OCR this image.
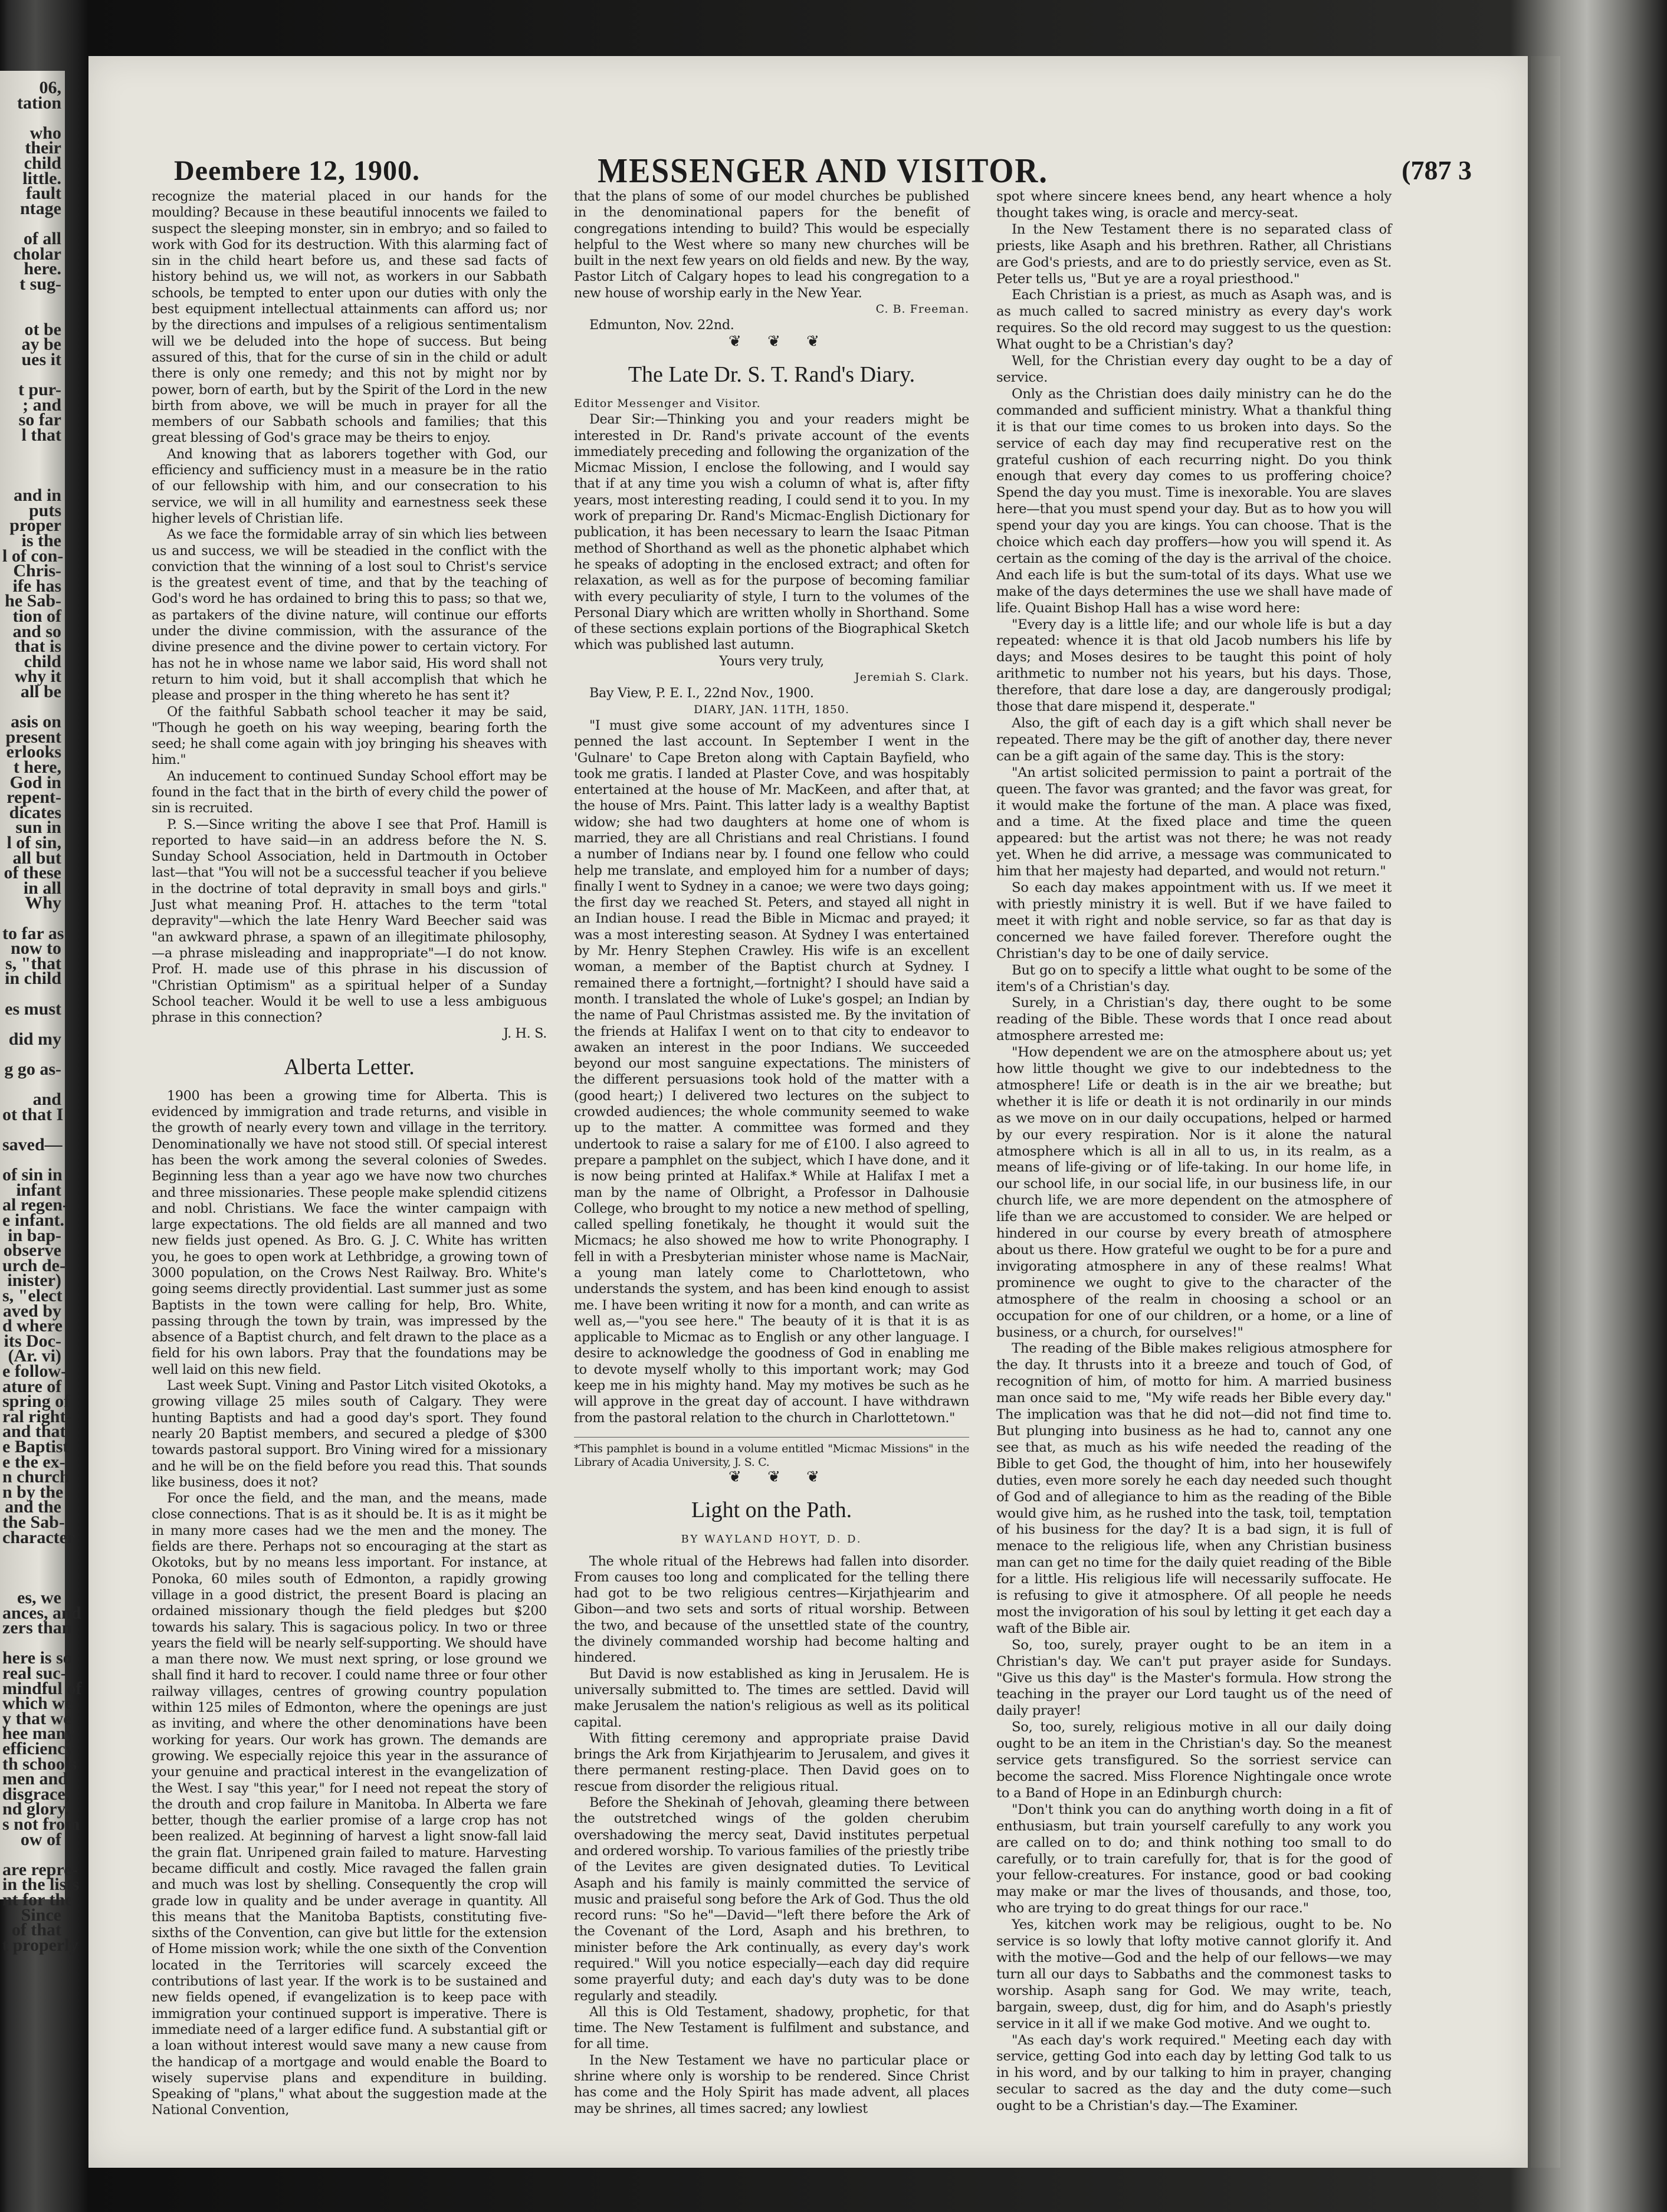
06,
tation
who
their
child
little.
fault
ntage
of all
cholar
here.
t sug-
ot be
ay be
ues it
t pur-
; and
so far
l that
and in
puts
proper
is the
l of con-
Chris-
ife has
he Sab-
tion of
and so
that is
child
why it
all be
asis on
present
erlooks
t here,
God in
repent-
dicates
sun in
l of sin,
all but
of these
in all
Why
to far as
now to
s, "that
in child
es must
did my
g go as-
and
ot that I
saved—
of sin in
infant
al regen-
e infant.
in bap-
observe
urch de-
inister)
s, "elect
aved by
d where
its Doc-
(Ar. vi)
e follow-
ature of
spring of
ral right-
and that
e Baptist
e the ex-
n church
n by the
and the
the Sab-
character
es, we
ances, and
zers than
here is so
real suc-
mindful of
which we
y that we
hee many
efficiency
th schools
men and
disgrace,
nd glory.
s not from
ow of
are repre-
in the lists
nt for the
Since
of that
t properly
Deembere 12, 1900.	MESSENGER AND VISITOR.	(787 3

recognize the material placed in our hands for the moulding? Because in these beautiful innocents we failed to suspect the sleeping monster, sin in embryo; and so failed to work with God for its destruction. With this alarming fact of sin in the child heart before us, and these sad facts of history behind us, we will not, as workers in our Sabbath schools, be tempted to enter upon our duties with only the best equipment intellectual attainments can afford us; nor by the directions and impulses of a religious sentimentalism will we be deluded into the hope of success. But being assured of this, that for the curse of sin in the child or adult there is only one remedy; and this not by might nor by power, born of earth, but by the Spirit of the Lord in the new birth from above, we will be much in prayer for all the members of our Sabbath schools and families; that this great blessing of God's grace may be theirs to enjoy.

And knowing that as laborers together with God, our efficiency and sufficiency must in a measure be in the ratio of our fellowship with him, and our consecration to his service, we will in all humility and earnestness seek these higher levels of Christian life.

As we face the formidable array of sin which lies between us and success, we will be steadied in the conflict with the conviction that the winning of a lost soul to Christ's service is the greatest event of time, and that by the teaching of God's word he has ordained to bring this to pass; so that we, as partakers of the divine nature, will continue our efforts under the divine commission, with the assurance of the divine presence and the divine power to certain victory. For has not he in whose name we labor said, His word shall not return to him void, but it shall accomplish that which he please and prosper in the thing whereto he has sent it?

Of the faithful Sabbath school teacher it may be said, "Though he goeth on his way weeping, bearing forth the seed; he shall come again with joy bringing his sheaves with him."

An inducement to continued Sunday School effort may be found in the fact that in the birth of every child the power of sin is recruited.

P. S.—Since writing the above I see that Prof. Hamill is reported to have said—in an address before the N. S. Sunday School Association, held in Dartmouth in October last—that "You will not be a successful teacher if you believe in the doctrine of total depravity in small boys and girls." Just what meaning Prof. H. attaches to the term "total depravity"—which the late Henry Ward Beecher said was "an awkward phrase, a spawn of an illegitimate philosophy,—a phrase misleading and inappropriate"—I do not know. Prof. H. made use of this phrase in his discussion of "Christian Optimism" as a spiritual helper of a Sunday School teacher. Would it be well to use a less ambiguous phrase in this connection?

J. H. S.

Alberta Letter.

1900 has been a growing time for Alberta. This is evidenced by immigration and trade returns, and visible in the growth of nearly every town and village in the territory. Denominationally we have not stood still. Of special interest has been the work among the several colonies of Swedes. Beginning less than a year ago we have now two churches and three missionaries. These people make splendid citizens and nobl. Christians. We face the winter campaign with large expectations. The old fields are all manned and two new fields just opened. As Bro. G. J. C. White has written you, he goes to open work at Lethbridge, a growing town of 3000 population, on the Crows Nest Railway. Bro. White's going seems directly providential. Last summer just as some Baptists in the town were calling for help, Bro. White, passing through the town by train, was impressed by the absence of a Baptist church, and felt drawn to the place as a field for his own labors. Pray that the foundations may be well laid on this new field.

Last week Supt. Vining and Pastor Litch visited Okotoks, a growing village 25 miles south of Calgary. They were hunting Baptists and had a good day's sport. They found nearly 20 Baptist members, and secured a pledge of $300 towards pastoral support. Bro Vining wired for a missionary and he will be on the field before you read this. That sounds like business, does it not?

For once the field, and the man, and the means, made close connections. That is as it should be. It is as it might be in many more cases had we the men and the money. The fields are there. Perhaps not so encouraging at the start as Okotoks, but by no means less important. For instance, at Ponoka, 60 miles south of Edmonton, a rapidly growing village in a good district, the present Board is placing an ordained missionary though the field pledges but $200 towards his salary. This is sagacious policy. In two or three years the field will be nearly self-supporting. We should have a man there now. We must next spring, or lose ground we shall find it hard to recover. I could name three or four other railway villages, centres of growing country population within 125 miles of Edmonton, where the openings are just as inviting, and where the other denominations have been working for years. Our work has grown. The demands are growing. We especially rejoice this year in the assurance of your genuine and practical interest in the evangelization of the West. I say "this year," for I need not repeat the story of the drouth and crop failure in Manitoba. In Alberta we fare better, though the earlier promise of a large crop has not been realized. At beginning of harvest a light snow-fall laid the grain flat. Unripened grain failed to mature. Harvesting became difficult and costly. Mice ravaged the fallen grain and much was lost by shelling. Consequently the crop will grade low in quality and be under average in quantity. All this means that the Manitoba Baptists, constituting five-sixths of the Convention, can give but little for the extension of Home mission work; while the one sixth of the Convention located in the Territories will scarcely exceed the contributions of last year. If the work is to be sustained and new fields opened, if evangelization is to keep pace with immigration your continued support is imperative. There is immediate need of a larger edifice fund. A substantial gift or a loan without interest would save many a new cause from the handicap of a mortgage and would enable the Board to wisely supervise plans and expenditure in building. Speaking of "plans," what about the suggestion made at the National Convention,

that the plans of some of our model churches be published in the denominational papers for the benefit of congregations intending to build? This would be especially helpful to the West where so many new churches will be built in the next few years on old fields and new. By the way, Pastor Litch of Calgary hopes to lead his congregation to a new house of worship early in the New Year.

C. B. Freeman.

Edmunton, Nov. 22nd.

❦ ❦ ❦

The Late Dr. S. T. Rand's Diary.

Editor Messenger and Visitor.

Dear Sir:—Thinking you and your readers might be interested in Dr. Rand's private account of the events immediately preceding and following the organization of the Micmac Mission, I enclose the following, and I would say that if at any time you wish a column of what is, after fifty years, most interesting reading, I could send it to you. In my work of preparing Dr. Rand's Micmac-English Dictionary for publication, it has been necessary to learn the Isaac Pitman method of Shorthand as well as the phonetic alphabet which he speaks of adopting in the enclosed extract; and often for relaxation, as well as for the purpose of becoming familiar with every peculiarity of style, I turn to the volumes of the Personal Diary which are written wholly in Shorthand. Some of these sections explain portions of the Biographical Sketch which was published last autumn.

Yours very truly,

Jeremiah S. Clark.

Bay View, P. E. I., 22nd Nov., 1900.

DIARY, JAN. 11TH, 1850.

"I must give some account of my adventures since I penned the last account. In September I went in the 'Gulnare' to Cape Breton along with Captain Bayfield, who took me gratis. I landed at Plaster Cove, and was hospitably entertained at the house of Mr. MacKeen, and after that, at the house of Mrs. Paint. This latter lady is a wealthy Baptist widow; she had two daughters at home one of whom is married, they are all Christians and real Christians. I found a number of Indians near by. I found one fellow who could help me translate, and employed him for a number of days; finally I went to Sydney in a canoe; we were two days going; the first day we reached St. Peters, and stayed all night in an Indian house. I read the Bible in Micmac and prayed; it was a most interesting season. At Sydney I was entertained by Mr. Henry Stephen Crawley. His wife is an excellent woman, a member of the Baptist church at Sydney. I remained there a fortnight,—fortnight? I should have said a month. I translated the whole of Luke's gospel; an Indian by the name of Paul Christmas assisted me. By the invitation of the friends at Halifax I went on to that city to endeavor to awaken an interest in the poor Indians. We succeeded beyond our most sanguine expectations. The ministers of the different persuasions took hold of the matter with a (good heart;) I delivered two lectures on the subject to crowded audiences; the whole community seemed to wake up to the matter. A committee was formed and they undertook to raise a salary for me of £100. I also agreed to prepare a pamphlet on the subject, which I have done, and it is now being printed at Halifax.* While at Halifax I met a man by the name of Olbright, a Professor in Dalhousie College, who brought to my notice a new method of spelling, called spelling fonetikaly, he thought it would suit the Micmacs; he also showed me how to write Phonography. I fell in with a Presbyterian minister whose name is MacNair, a young man lately come to Charlottetown, who understands the system, and has been kind enough to assist me. I have been writing it now for a month, and can write as well as,—"you see here." The beauty of it is that it is as applicable to Micmac as to English or any other language. I desire to acknowledge the goodness of God in enabling me to devote myself wholly to this important work; may God keep me in his mighty hand. May my motives be such as he will approve in the great day of account. I have withdrawn from the pastoral relation to the church in Charlottetown."

*This pamphlet is bound in a volume entitled "Micmac Missions" in the Library of Acadia University, J. S. C.

❦ ❦ ❦

Light on the Path.

BY WAYLAND HOYT, D. D.

The whole ritual of the Hebrews had fallen into disorder. From causes too long and complicated for the telling there had got to be two religious centres—Kirjathjearim and Gibon—and two sets and sorts of ritual worship. Between the two, and because of the unsettled state of the country, the divinely commanded worship had become halting and hindered.

But David is now established as king in Jerusalem. He is universally submitted to. The times are settled. David will make Jerusalem the nation's religious as well as its political capital.

With fitting ceremony and appropriate praise David brings the Ark from Kirjathjearim to Jerusalem, and gives it there permanent resting-place. Then David goes on to rescue from disorder the religious ritual.

Before the Shekinah of Jehovah, gleaming there between the outstretched wings of the golden cherubim overshadowing the mercy seat, David institutes perpetual and ordered worship. To various families of the priestly tribe of the Levites are given designated duties. To Levitical Asaph and his family is mainly committed the service of music and praiseful song before the Ark of God. Thus the old record runs: "So he"—David—"left there before the Ark of the Covenant of the Lord, Asaph and his brethren, to minister before the Ark continually, as every day's work required." Will you notice especially—each day did require some prayerful duty; and each day's duty was to be done regularly and steadily.

All this is Old Testament, shadowy, prophetic, for that time. The New Testament is fulfilment and substance, and for all time.

In the New Testament we have no particular place or shrine where only is worship to be rendered. Since Christ has come and the Holy Spirit has made advent, all places may be shrines, all times sacred; any lowliest

spot where sincere knees bend, any heart whence a holy thought takes wing, is oracle and mercy-seat.

In the New Testament there is no separated class of priests, like Asaph and his brethren. Rather, all Christians are God's priests, and are to do priestly service, even as St. Peter tells us, "But ye are a royal priesthood."

Each Christian is a priest, as much as Asaph was, and is as much called to sacred ministry as every day's work requires. So the old record may suggest to us the question: What ought to be a Christian's day?

Well, for the Christian every day ought to be a day of service.

Only as the Christian does daily ministry can he do the commanded and sufficient ministry. What a thankful thing it is that our time comes to us broken into days. So the service of each day may find recuperative rest on the grateful cushion of each recurring night. Do you think enough that every day comes to us proffering choice? Spend the day you must. Time is inexorable. You are slaves here—that you must spend your day. But as to how you will spend your day you are kings. You can choose. That is the choice which each day proffers—how you will spend it. As certain as the coming of the day is the arrival of the choice. And each life is but the sum-total of its days. What use we make of the days determines the use we shall have made of life. Quaint Bishop Hall has a wise word here:

"Every day is a little life; and our whole life is but a day repeated: whence it is that old Jacob numbers his life by days; and Moses desires to be taught this point of holy arithmetic to number not his years, but his days. Those, therefore, that dare lose a day, are dangerously prodigal; those that dare mispend it, desperate."

Also, the gift of each day is a gift which shall never be repeated. There may be the gift of another day, there never can be a gift again of the same day. This is the story:

"An artist solicited permission to paint a portrait of the queen. The favor was granted; and the favor was great, for it would make the fortune of the man. A place was fixed, and a time. At the fixed place and time the queen appeared: but the artist was not there; he was not ready yet. When he did arrive, a message was communicated to him that her majesty had departed, and would not return."

So each day makes appointment with us. If we meet it with priestly ministry it is well. But if we have failed to meet it with right and noble service, so far as that day is concerned we have failed forever. Therefore ought the Christian's day to be one of daily service.

But go on to specify a little what ought to be some of the item's of a Christian's day.

Surely, in a Christian's day, there ought to be some reading of the Bible. These words that I once read about atmosphere arrested me:

"How dependent we are on the atmosphere about us; yet how little thought we give to our indebtedness to the atmosphere! Life or death is in the air we breathe; but whether it is life or death it is not ordinarily in our minds as we move on in our daily occupations, helped or harmed by our every respiration. Nor is it alone the natural atmosphere which is all in all to us, in its realm, as a means of life-giving or of life-taking. In our home life, in our school life, in our social life, in our business life, in our church life, we are more dependent on the atmosphere of life than we are accustomed to consider. We are helped or hindered in our course by every breath of atmosphere about us there. How grateful we ought to be for a pure and invigorating atmosphere in any of these realms! What prominence we ought to give to the character of the atmosphere of the realm in choosing a school or an occupation for one of our children, or a home, or a line of business, or a church, for ourselves!"

The reading of the Bible makes religious atmosphere for the day. It thrusts into it a breeze and touch of God, of recognition of him, of motto for him. A married business man once said to me, "My wife reads her Bible every day." The implication was that he did not—did not find time to. But plunging into business as he had to, cannot any one see that, as much as his wife needed the reading of the Bible to get God, the thought of him, into her housewifely duties, even more sorely he each day needed such thought of God and of allegiance to him as the reading of the Bible would give him, as he rushed into the task, toil, temptation of his business for the day? It is a bad sign, it is full of menace to the religious life, when any Christian business man can get no time for the daily quiet reading of the Bible for a little. His religious life will necessarily suffocate. He is refusing to give it atmosphere. Of all people he needs most the invigoration of his soul by letting it get each day a waft of the Bible air.

So, too, surely, prayer ought to be an item in a Christian's day. We can't put prayer aside for Sundays. "Give us this day" is the Master's formula. How strong the teaching in the prayer our Lord taught us of the need of daily prayer!

So, too, surely, religious motive in all our daily doing ought to be an item in the Christian's day. So the meanest service gets transfigured. So the sorriest service can become the sacred. Miss Florence Nightingale once wrote to a Band of Hope in an Edinburgh church:

"Don't think you can do anything worth doing in a fit of enthusiasm, but train yourself carefully to any work you are called on to do; and think nothing too small to do carefully, or to train carefully for, that is for the good of your fellow-creatures. For instance, good or bad cooking may make or mar the lives of thousands, and those, too, who are trying to do great things for our race."

Yes, kitchen work may be religious, ought to be. No service is so lowly that lofty motive cannot glorify it. And with the motive—God and the help of our fellows—we may turn all our days to Sabbaths and the commonest tasks to worship. Asaph sang for God. We may write, teach, bargain, sweep, dust, dig for him, and do Asaph's priestly service in it all if we make God motive. And we ought to.

"As each day's work required." Meeting each day with service, getting God into each day by letting God talk to us in his word, and by our talking to him in prayer, changing secular to sacred as the day and the duty come—such ought to be a Christian's day.—The Examiner.
